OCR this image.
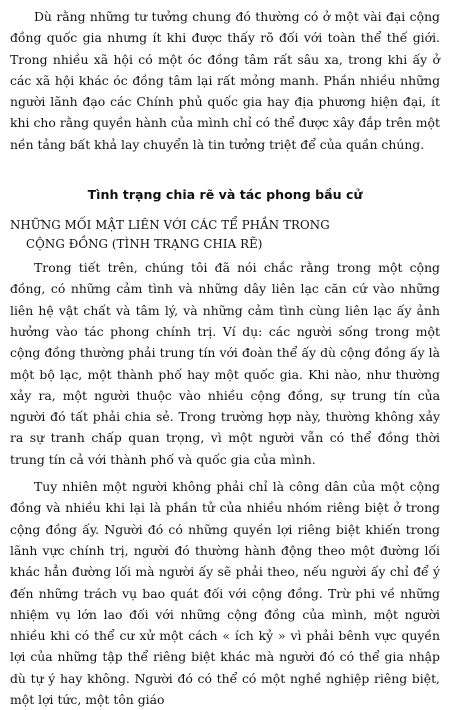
Dù rằng những tư tưởng chung đó thường có ở một vài đại cộng đồng quốc gia nhưng ít khi được thấy rõ đối với toàn thể thế giới. Trong nhiều xã hội có một óc đồng tâm rất sâu xa, trong khi ấy ở các xã hội khác óc đồng tâm lại rất mỏng manh. Phần nhiều những người lãnh đạo các Chính phủ quốc gia hay địa phương hiện đại, ít khi cho rằng quyền hành của mình chỉ có thể được xây đắp trên một nền tảng bất khả lay chuyển là tin tưởng triệt để của quần chúng.

Tình trạng chia rẽ và tác phong bầu cử
NHỮNG MỐI MẬT LIÊN VỚI CÁC TỂ PHẦN TRONG
CỘNG ĐỒNG (TÌNH TRẠNG CHIA RẼ)

Trong tiết trên, chúng tôi đã nói chắc rằng trong một cộng đồng, có những cảm tình và những dây liên lạc căn cứ vào những liên hệ vật chất và tâm lý, và những cảm tình cùng liên lạc ấy ảnh hưởng vào tác phong chính trị. Ví dụ: các người sống trong một cộng đồng thường phải trung tín với đoàn thể ấy dù cộng đồng ấy là một bộ lạc, một thành phố hay một quốc gia. Khi nào, như thường xảy ra, một người thuộc vào nhiều cộng đồng, sự trung tín của người đó tất phải chia sẻ. Trong trường hợp này, thường không xảy ra sự tranh chấp quan trọng, vì một người vẫn có thể đồng thời trung tín cả với thành phố và quốc gia của mình.

Tuy nhiên một người không phải chỉ là công dân của một cộng đồng và nhiều khi lại là phần tử của nhiều nhóm riêng biệt ở trong cộng đồng ấy. Người đó có những quyền lợi riêng biệt khiến trong lãnh vực chính trị, người đó thường hành động theo một đường lối khác hẳn đường lối mà người ấy sẽ phải theo, nếu người ấy chỉ để ý đến những trách vụ bao quát đối với cộng đồng. Trừ phi về những nhiệm vụ lớn lao đối với những cộng đồng của mình, một người nhiều khi có thể cư xử một cách « ích kỷ » vì phải bênh vực quyền lợi của những tập thể riêng biệt khác mà người đó có thể gia nhập dù tự ý hay không. Người đó có thể có một nghề nghiệp riêng biệt, một lợi tức, một tôn giáo
